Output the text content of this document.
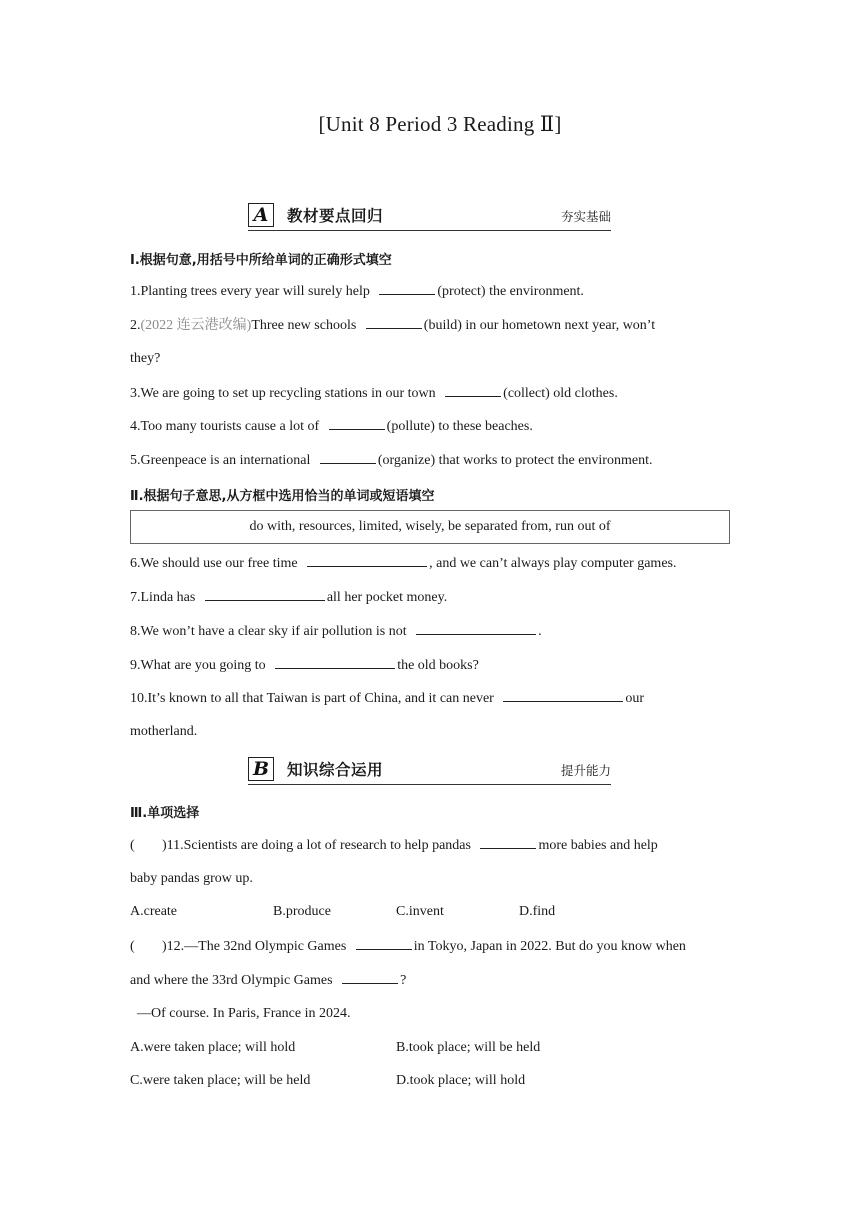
[Unit 8 Period 3 Reading Ⅱ]
A	教材要点回归	夯实基础
Ⅰ.根据句意,用括号中所给单词的正确形式填空
1.Planting trees every year will surely help	(protect) the environment.
2.(2022 连云港改编)Three new schools	(build) in our hometown next year, won’t
they?
3.We are going to set up recycling stations in our town	(collect) old clothes.
4.Too many tourists cause a lot of	(pollute) to these beaches.
5.Greenpeace is an international	(organize) that works to protect the environment.
Ⅱ.根据句子意思,从方框中选用恰当的单词或短语填空
do with, resources, limited, wisely, be separated from, run out of
6.We should use our free time	, and we can’t always play computer games.
7.Linda has	all her pocket money.
8.We won’t have a clear sky if air pollution is not	.
9.What are you going to	the old books?
10.It’s known to all that Taiwan is part of China, and it can never	our
motherland.
B	知识综合运用	提升能力
Ⅲ.单项选择
( )11.Scientists are doing a lot of research to help pandas	more babies and help
baby pandas grow up.
A.create	B.produce	C.invent	D.find
( )12.—The 32nd Olympic Games	in Tokyo, Japan in 2022. But do you know when
and where the 33rd Olympic Games	?
—Of course. In Paris, France in 2024.
A.were taken place; will hold	B.took place; will be held
C.were taken place; will be held	D.took place; will hold
